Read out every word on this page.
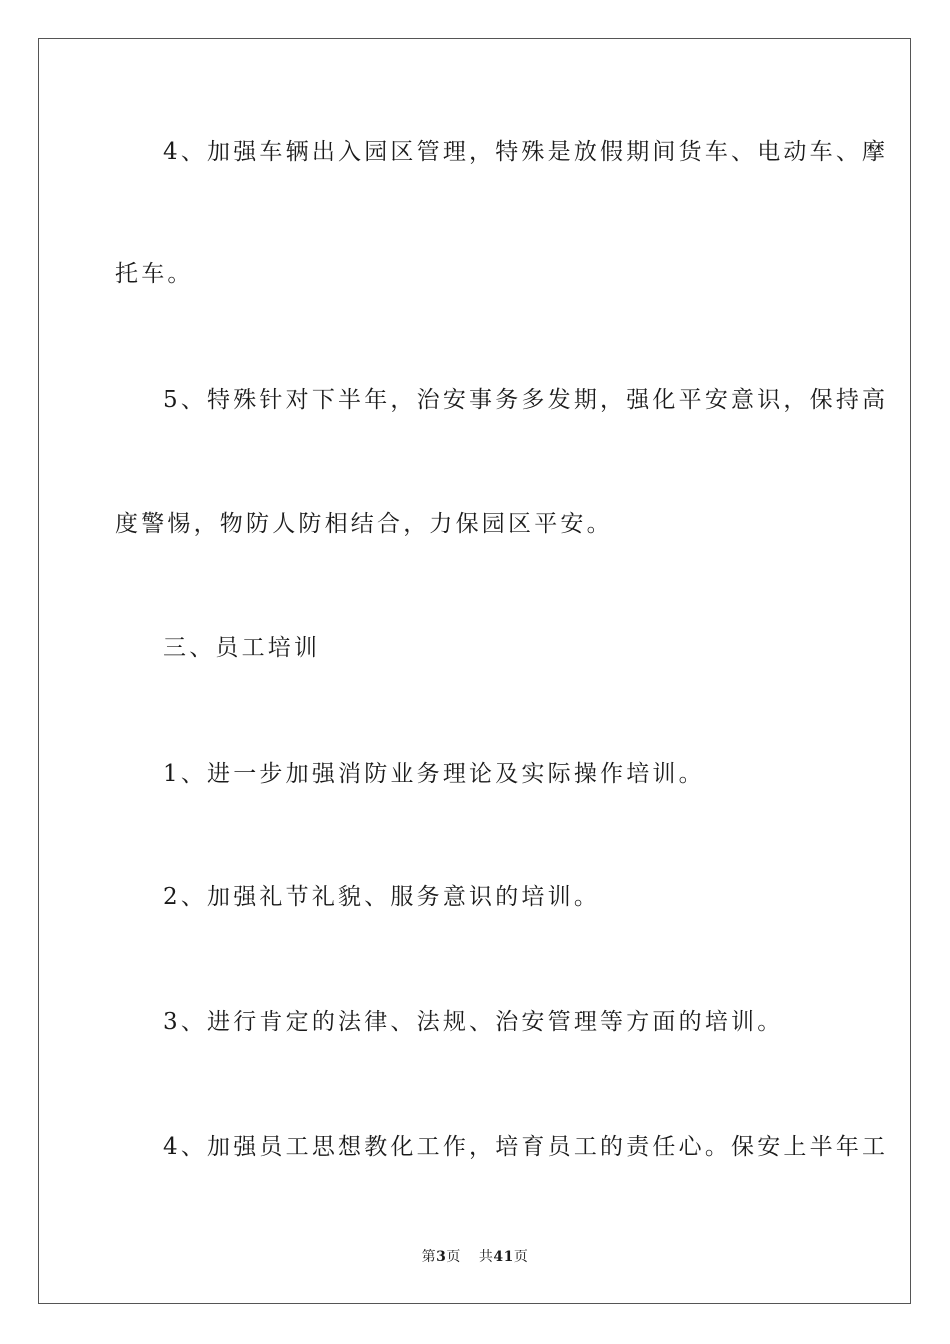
4、加强车辆出入园区管理，特殊是放假期间货车、电动车、摩
托车。
5、特殊针对下半年，治安事务多发期，强化平安意识，保持高
度警惕，物防人防相结合，力保园区平安。
三、员工培训
1、进一步加强消防业务理论及实际操作培训。
2、加强礼节礼貌、服务意识的培训。
3、进行肯定的法律、法规、治安管理等方面的培训。
4、加强员工思想教化工作，培育员工的责任心。保安上半年工
第3页 共41页
